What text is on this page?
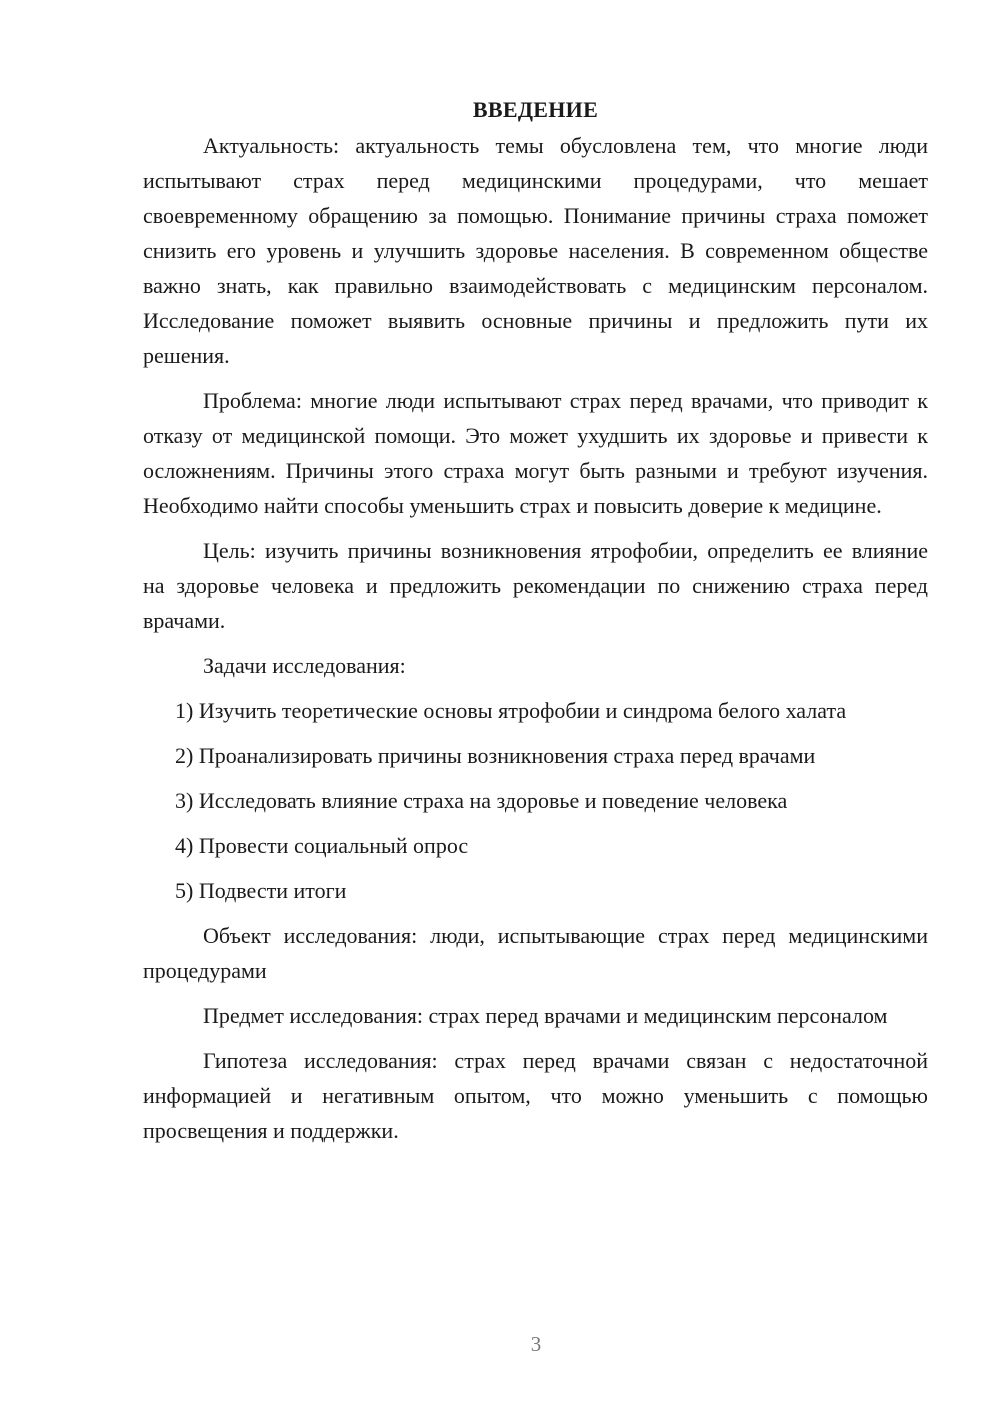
ВВЕДЕНИЕ

Актуальность: актуальность темы обусловлена тем, что многие люди испытывают страх перед медицинскими процедурами, что мешает своевременному обращению за помощью. Понимание причины страха поможет снизить его уровень и улучшить здоровье населения. В современном обществе важно знать, как правильно взаимодействовать с медицинским персоналом. Исследование поможет выявить основные причины и предложить пути их решения.

Проблема: многие люди испытывают страх перед врачами, что приводит к отказу от медицинской помощи. Это может ухудшить их здоровье и привести к осложнениям. Причины этого страха могут быть разными и требуют изучения. Необходимо найти способы уменьшить страх и повысить доверие к медицине.

Цель: изучить причины возникновения ятрофобии, определить ее влияние на здоровье человека и предложить рекомендации по снижению страха перед врачами.

Задачи исследования:

1) Изучить теоретические основы ятрофобии и синдрома белого халата
2) Проанализировать причины возникновения страха перед врачами
3) Исследовать влияние страха на здоровье и поведение человека
4) Провести социальный опрос
5) Подвести итоги

Объект исследования: люди, испытывающие страх перед медицинскими процедурами

Предмет исследования: страх перед врачами и медицинским персоналом

Гипотеза исследования: страх перед врачами связан с недостаточной информацией и негативным опытом, что можно уменьшить с помощью просвещения и поддержки.

3
